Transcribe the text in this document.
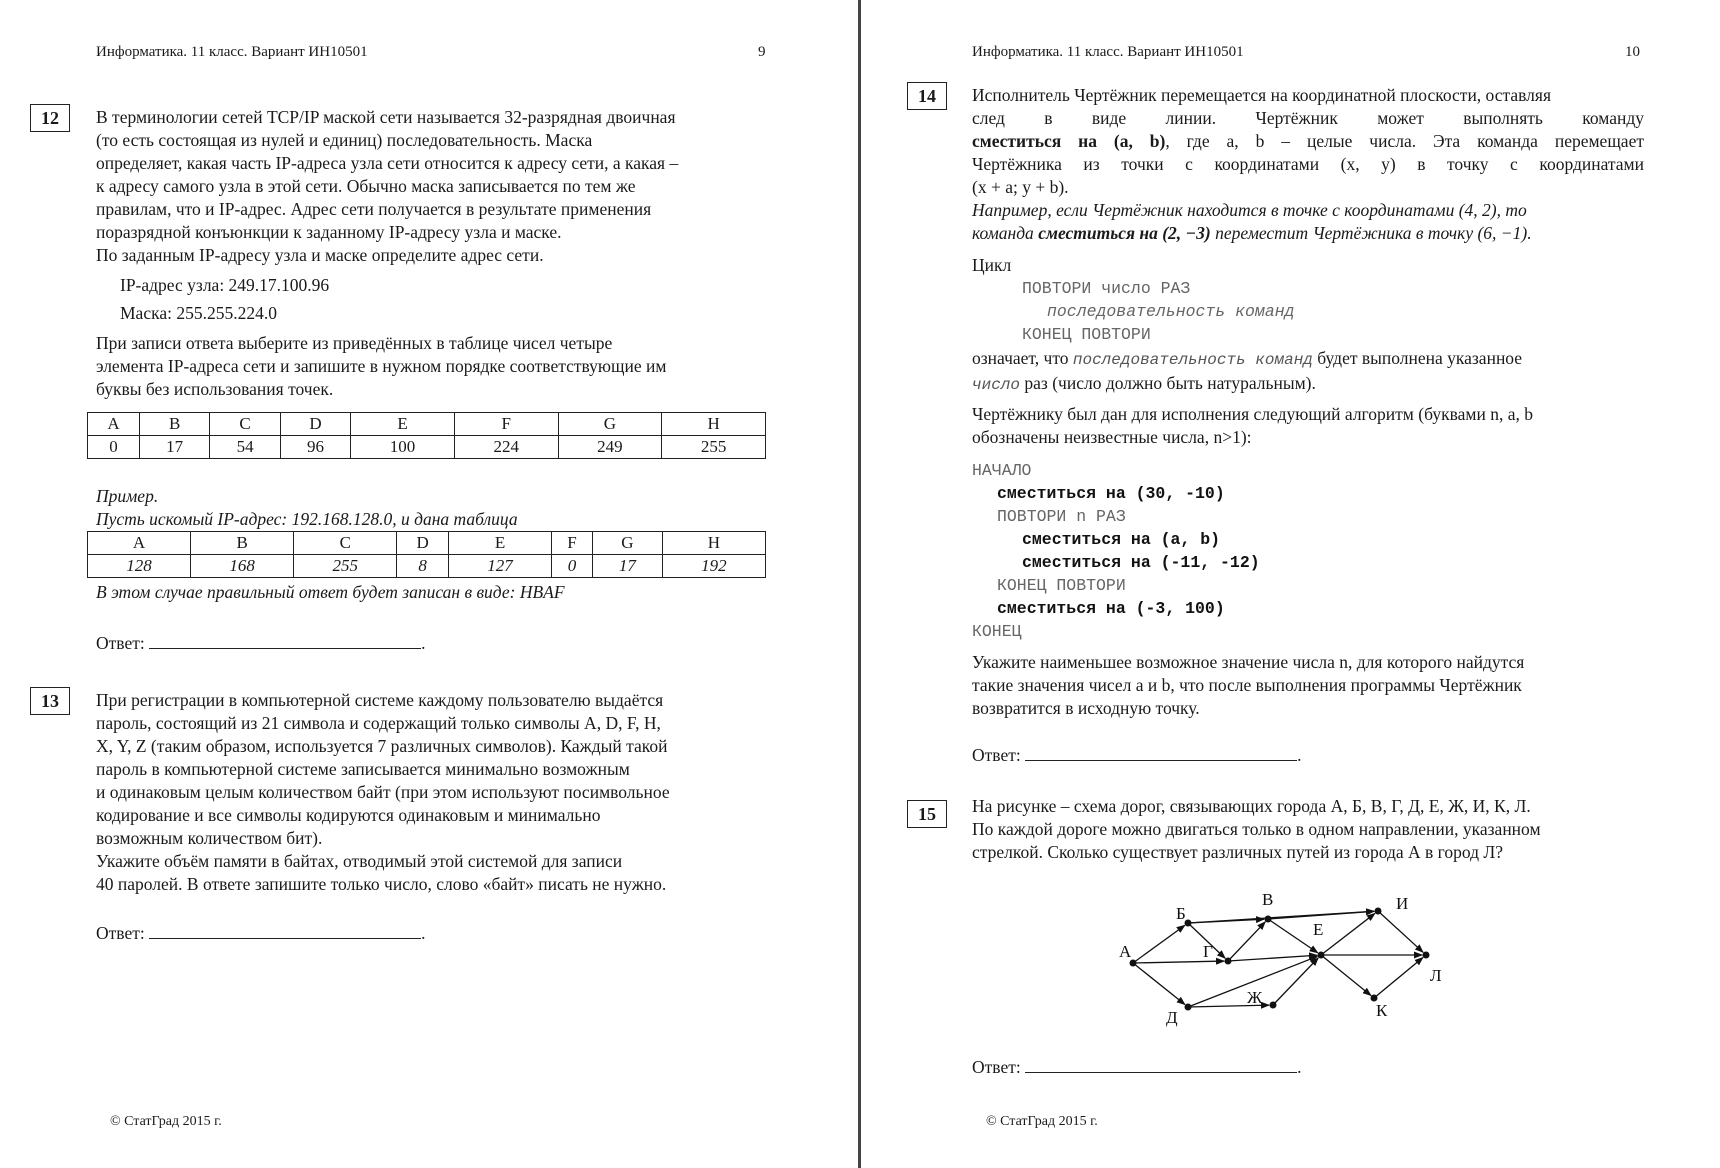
Информатика. 11 класс. Вариант ИН10501	9
12	В терминологии сетей TCP/IP маской сети называется 32-разрядная двоичная

(то есть состоящая из нулей и единиц) последовательность. Маска

определяет, какая часть IP-адреса узла сети относится к адресу сети, а какая –

к адресу самого узла в этой сети. Обычно маска записывается по тем же

правилам, что и IP-адрес. Адрес сети получается в результате применения

поразрядной конъюнкции к заданному IP-адресу узла и маске.

По заданным IP-адресу узла и маске определите адрес сети.

IP-адрес узла: 249.17.100.96
Маска: 255.255.224.0

При записи ответа выберите из приведённых в таблице чисел четыре

элемента IP-адреса сети и запишите в нужном порядке соответствующие им

буквы без использования точек.

A	B	C	D	E	F	G	H
0	17	54	96	100	224	249	255
Пример.
Пусть искомый IP-адрес: 192.168.128.0, и дана таблица
A	B	C	D	E	F	G	H
128	168	255	8	127	0	17	192
В этом случае правильный ответ будет записан в виде: HBAF
Ответ:	.
13	При регистрации в компьютерной системе каждому пользователю выдаётся

пароль, состоящий из 21 символа и содержащий только символы A, D, F, H,

X, Y, Z (таким образом, используется 7 различных символов). Каждый такой

пароль в компьютерной системе записывается минимально возможным

и одинаковым целым количеством байт (при этом используют посимвольное

кодирование и все символы кодируются одинаковым и минимально

возможным количеством бит).

Укажите объём памяти в байтах, отводимый этой системой для записи

40 паролей. В ответе запишите только число, слово «байт» писать не нужно.

Ответ:	.
© СтатГрад 2015 г.
Информатика. 11 класс. Вариант ИН10501	10
14	Исполнитель Чертёжник перемещается на координатной плоскости, оставляя

след в виде линии. Чертёжник может выполнять команду

сместиться на (a, b), где a, b – целые числа. Эта команда перемещает

Чертёжника из точки с координатами (x, y) в точку с координатами

(x + a; y + b).

Например, если Чертёжник находится в точке с координатами (4, 2), то

команда сместиться на (2, −3) переместит Чертёжника в точку (6, −1).

Цикл
ПОВТОРИ число РАЗ
последовательность команд
КОНЕЦ ПОВТОРИ

означает, что последовательность команд будет выполнена указанное

число раз (число должно быть натуральным).

Чертёжнику был дан для исполнения следующий алгоритм (буквами n, a, b

обозначены неизвестные числа, n>1):

НАЧАЛО
сместиться на (30, -10)
ПОВТОРИ n РАЗ
сместиться на (a, b)
сместиться на (-11, -12)
КОНЕЦ ПОВТОРИ
сместиться на (-3, 100)
КОНЕЦ

Укажите наименьшее возможное значение числа n, для которого найдутся

такие значения чисел a и b, что после выполнения программы Чертёжник

возвратится в исходную точку.

Ответ:	.
15	На рисунке – схема дорог, связывающих города А, Б, В, Г, Д, Е, Ж, И, К, Л.

По каждой дороге можно двигаться только в одном направлении, указанном

стрелкой. Сколько существует различных путей из города А в город Л?

А
Б
В
Г
Д
Е
Ж
И
К
Л
Ответ:	.
© СтатГрад 2015 г.
